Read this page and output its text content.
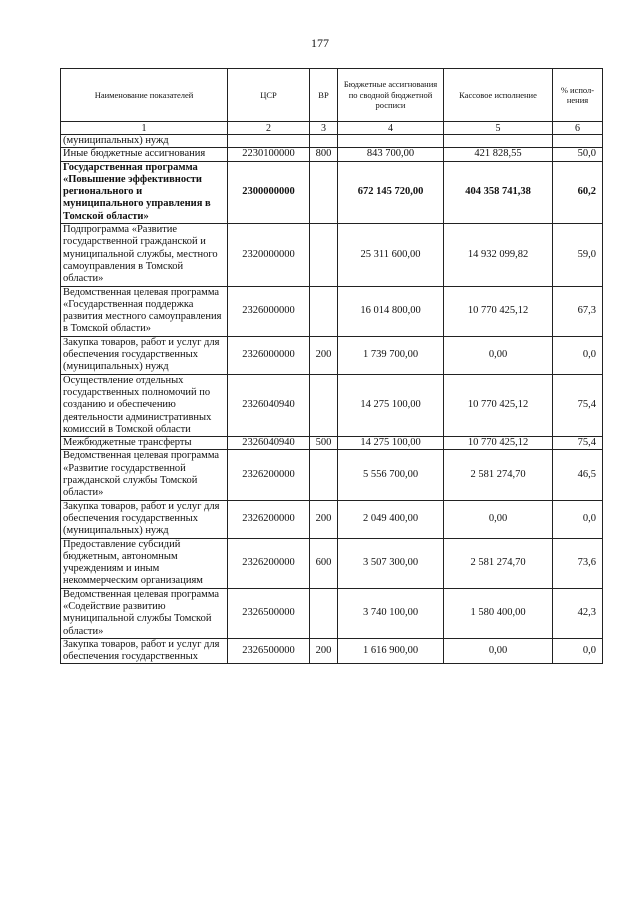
177
Наименование показателей	ЦСР	ВР	Бюджетные ассигнования по сводной бюджетной росписи	Кассовое исполнение	% испол-нения
1	2	3	4	5	6
(муниципальных) нужд					
Иные бюджетные ассигнования	2230100000	800	843 700,00	421 828,55	50,0
Государственная программа «Повышение эффективности регионального и муниципального управления в Томской области»	2300000000		672 145 720,00	404 358 741,38	60,2
Подпрограмма «Развитие государственной гражданской и муниципальной службы, местного самоуправления в Томской области»	2320000000		25 311 600,00	14 932 099,82	59,0
Ведомственная целевая программа «Государственная поддержка развития местного самоуправления в Томской области»	2326000000		16 014 800,00	10 770 425,12	67,3
Закупка товаров, работ и услуг для обеспечения государственных (муниципальных) нужд	2326000000	200	1 739 700,00	0,00	0,0
Осуществление отдельных государственных полномочий по созданию и обеспечению деятельности административных комиссий в Томской области	2326040940		14 275 100,00	10 770 425,12	75,4
Межбюджетные трансферты	2326040940	500	14 275 100,00	10 770 425,12	75,4
Ведомственная целевая программа «Развитие государственной гражданской службы Томской области»	2326200000		5 556 700,00	2 581 274,70	46,5
Закупка товаров, работ и услуг для обеспечения государственных (муниципальных) нужд	2326200000	200	2 049 400,00	0,00	0,0
Предоставление субсидий бюджетным, автономным учреждениям и иным некоммерческим организациям	2326200000	600	3 507 300,00	2 581 274,70	73,6
Ведомственная целевая программа «Содействие развитию муниципальной службы Томской области»	2326500000		3 740 100,00	1 580 400,00	42,3
Закупка товаров, работ и услуг для обеспечения государственных	2326500000	200	1 616 900,00	0,00	0,0
